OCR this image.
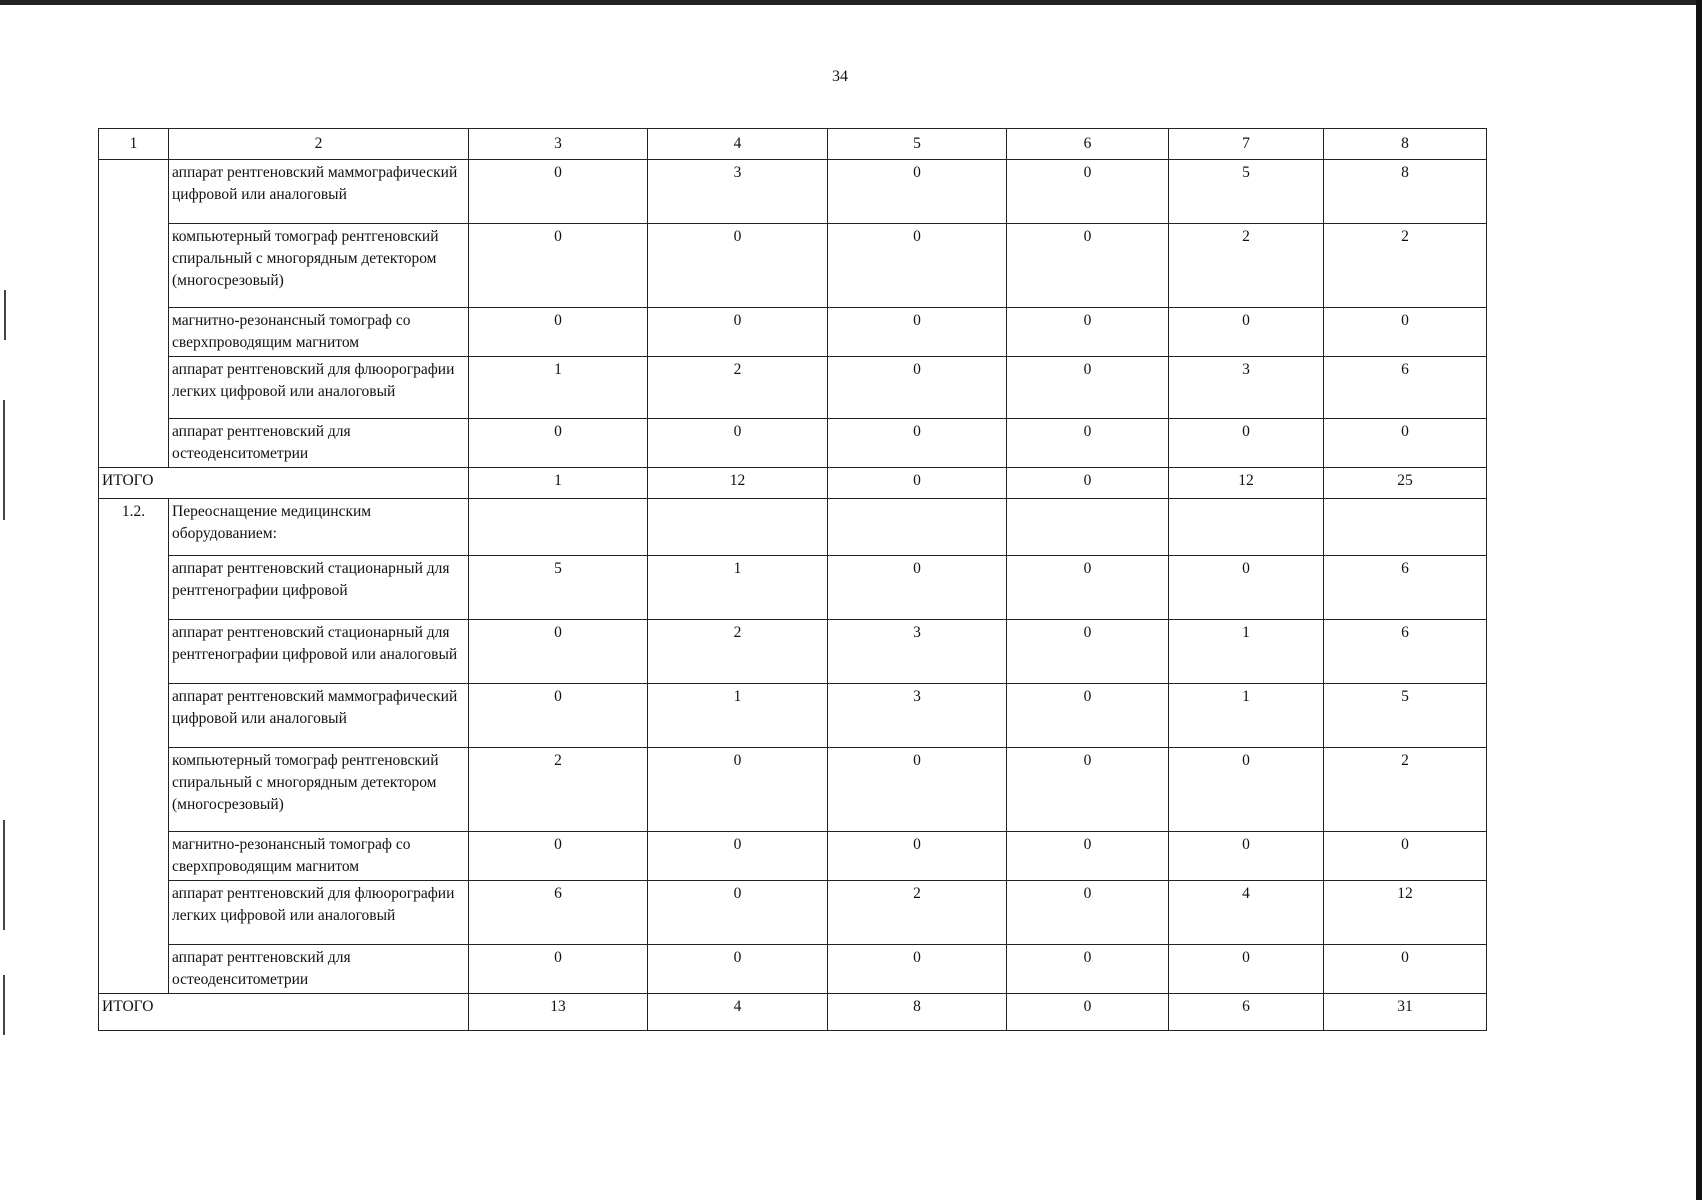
34
1	2	3	4	5	6	7	8
	аппарат рентгеновский маммографический цифровой или аналоговый	0	3	0	0	5	8
	компьютерный томограф рентгеновский спиральный с многорядным детектором (многосрезовый)	0	0	0	0	2	2
	магнитно-резонансный томограф со сверхпроводящим магнитом	0	0	0	0	0	0
	аппарат рентгеновский для флюорографии легких цифровой или аналоговый	1	2	0	0	3	6
	аппарат рентгеновский для остеоденситометрии	0	0	0	0	0	0
ИТОГО		1	12	0	0	12	25
1.2.	Переоснащение медицинским оборудованием:						
	аппарат рентгеновский стационарный для рентгенографии цифровой	5	1	0	0	0	6
	аппарат рентгеновский стационарный для рентгенографии цифровой или аналоговый	0	2	3	0	1	6
	аппарат рентгеновский маммографический цифровой или аналоговый	0	1	3	0	1	5
	компьютерный томограф рентгеновский спиральный с многорядным детектором (многосрезовый)	2	0	0	0	0	2
	магнитно-резонансный томограф со сверхпроводящим магнитом	0	0	0	0	0	0
	аппарат рентгеновский для флюорографии легких цифровой или аналоговый	6	0	2	0	4	12
	аппарат рентгеновский для остеоденситометрии	0	0	0	0	0	0
ИТОГО		13	4	8	0	6	31
